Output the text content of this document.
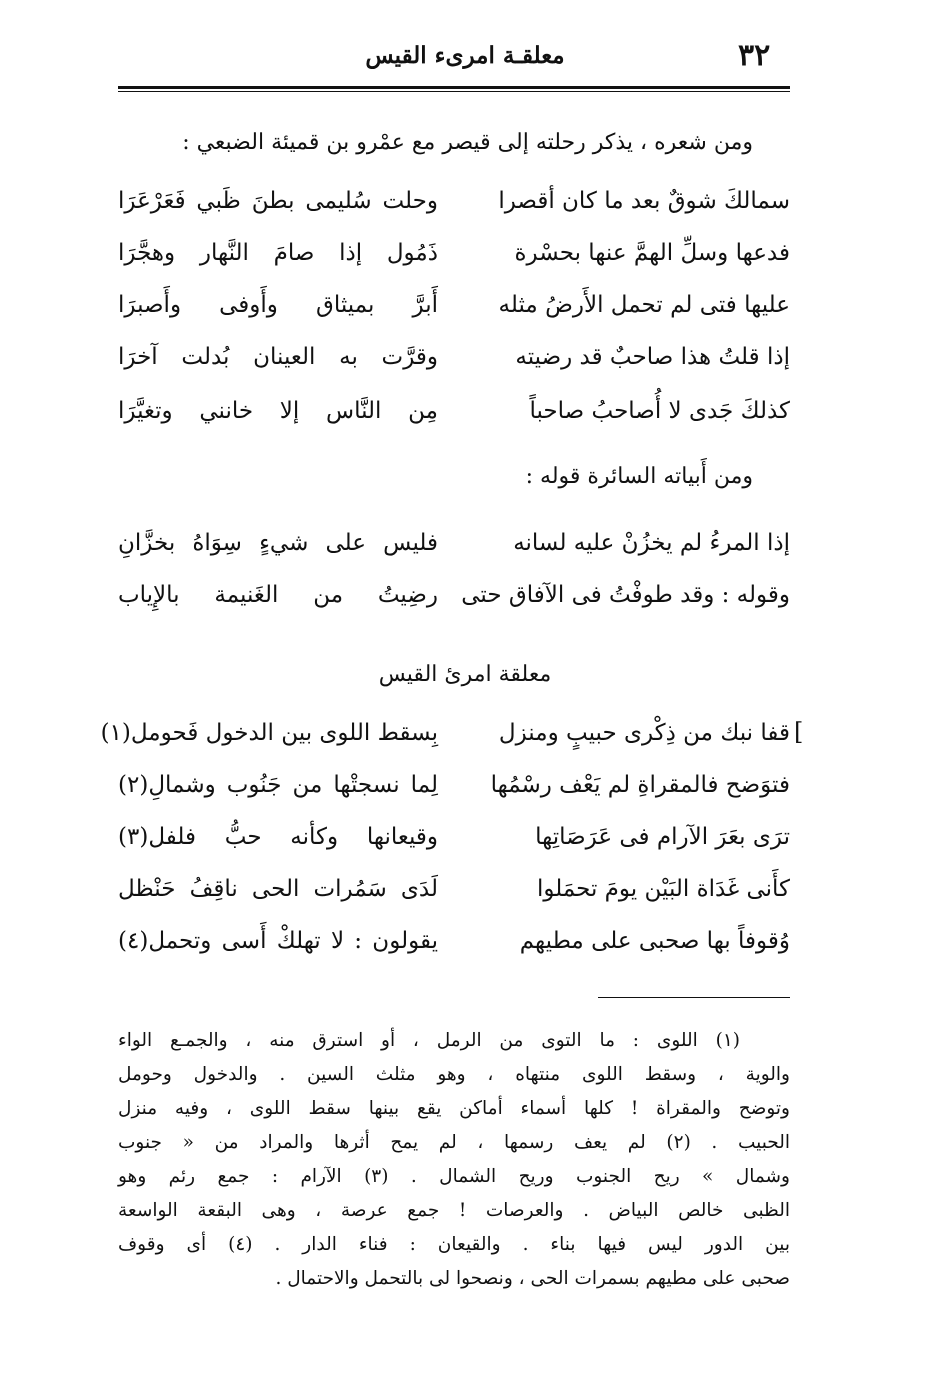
٣٢
معلقـة امرىء القيس
ومن شعره ، يذكر رحلته إلى قيصر مع عمْرو بن قميئة الضبعي :
سمالكَ شوقٌ بعد ما كان أقصرا
وحلت سُليمى بطنَ ظَبي فَعَرْعَرَا
فدعها وسلِّ الهمَّ عنها بحسْرة
ذَمُول إذا صامَ النَّهار وهجَّرَا
عليها فتى لم تحمل الأَرضُ مثله
أَبرَّ بميثاق وأَوفى وأَصبرَا
إذا قلتُ هذا صاحبٌ قد رضيته
وقرَّت به العينان بُدلت آخرَا
كذلكَ جَدى لا أُصاحبُ صاحباً
مِن النَّاس إلا خانني وتغيَّرَا
ومن أَبياته السائرة قوله :
إذا المرءُ لم يخزُنْ عليه لسانه
فليس على شيءٍ سِوَاهُ بخزَّانِ
وقوله : وقد طوفْتُ فى الآفاق حتى
رضِيتُ من الغَنيمة بالإِياب
معلقة امرئ القيس
[
قفا نبك من ذِكْرى حبيبٍ ومنزل
بِسقط اللوى بين الدخول فَحومل(١)
فتوَضح فالمقراةِ لم يَعْف رسْمُها
لِما نسجتْها من جَنُوب وشمالِ(٢)
ترَى بعَرَ الآرام فى عَرَصَاتِها
وقيعانها وكأنه حبُّ فلفل(٣)
كأَنى غَدَاة البَيْن يومَ تحمَلوا
لَدَى سَمُرات الحى ناقِفُ حَنْظل
وُقوفاً بها صحبى على مطيهم
يقولون : لا تهلكْ أَسى وتحمل(٤)
(١) اللوى : ما التوى من الرمل ، أو استرق منه ، والجمـع الواء
والوية ، وسقط اللوى منتهاه ، وهو مثلث السين . والدخول وحومل
وتوضح والمقراة ! كلها أسماء أماكن يقع بينها سقط اللوى ، وفيه منزل
الحبيب . (٢) لم يعف رسمها ، لم يمح أثرها والمراد من « جنوب
وشمال » ريح الجنوب وريح الشمال . (٣) الآرام : جمع رئم وهو
الظبى خالص البياض . والعرصات ! جمع عرصة ، وهى البقعة الواسعة
بين الدور ليس فيها بناء . والقيعان : فناء الدار . (٤) أى وقوف
صحبى على مطيهم بسمرات الحى ، ونصحوا لى بالتحمل والاحتمال .
